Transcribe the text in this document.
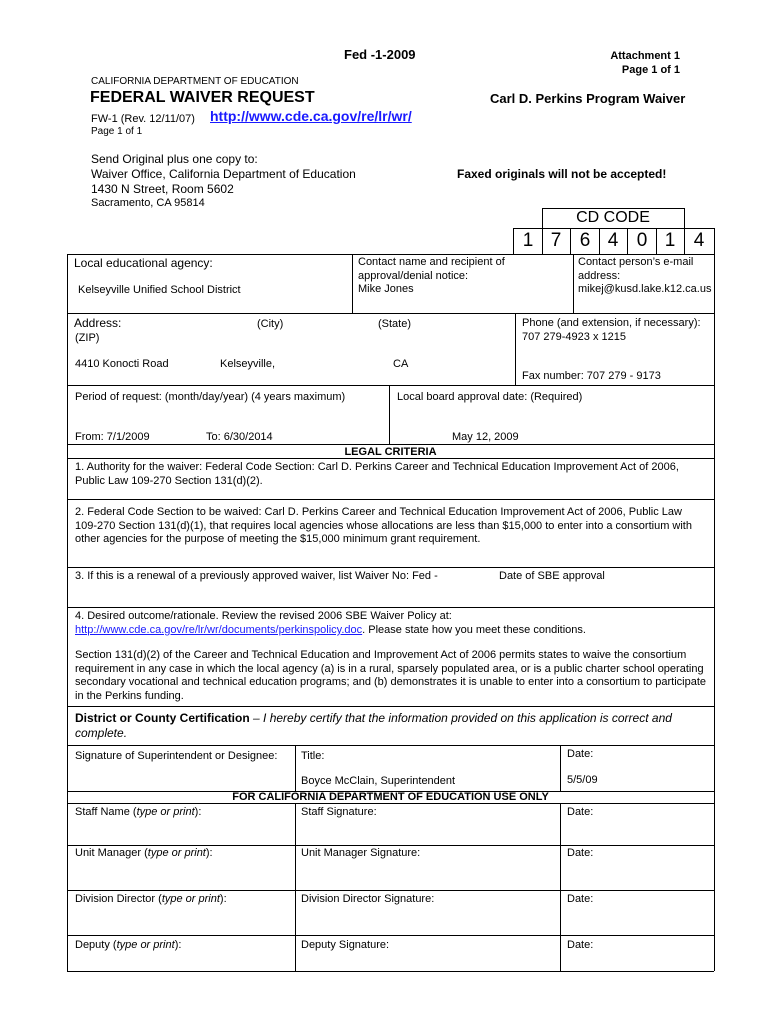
Fed -1-2009	Attachment 1
Page 1 of 1
CALIFORNIA DEPARTMENT OF EDUCATION
FEDERAL WAIVER REQUEST	Carl D. Perkins Program Waiver
FW-1 (Rev. 12/11/07) http://www.cde.ca.gov/re/lr/wr/
Page 1 of 1
Send Original plus one copy to:
Waiver Office, California Department of Education
1430 N Street, Room 5602
Sacramento, CA 95814
Faxed originals will not be accepted!
CD CODE
1 7 6 4 0 1 4
Local educational agency:
Kelseyville Unified School District
Contact name and recipient of approval/denial notice:
Mike Jones
Contact person’s e-mail address:
mikej@kusd.lake.k12.ca.us
Address:	(City)	(State)
(ZIP)
4410 Konocti Road	Kelseyville,	CA
Phone (and extension, if necessary):
707 279-4923 x 1215
Fax number: 707 279 - 9173
Period of request: (month/day/year) (4 years maximum)
From: 7/1/2009	To: 6/30/2014
Local board approval date: (Required)
May 12, 2009
LEGAL CRITERIA
1. Authority for the waiver: Federal Code Section: Carl D. Perkins Career and Technical Education Improvement Act of 2006, Public Law 109-270 Section 131(d)(2).
2. Federal Code Section to be waived: Carl D. Perkins Career and Technical Education Improvement Act of 2006, Public Law 109-270 Section 131(d)(1), that requires local agencies whose allocations are less than $15,000 to enter into a consortium with other agencies for the purpose of meeting the $15,000 minimum grant requirement.
3. If this is a renewal of a previously approved waiver, list Waiver No: Fed -	Date of SBE approval
4. Desired outcome/rationale. Review the revised 2006 SBE Waiver Policy at:
http://www.cde.ca.gov/re/lr/wr/documents/perkinspolicy.doc. Please state how you meet these conditions.
Section 131(d)(2) of the Career and Technical Education and Improvement Act of 2006 permits states to waive the consortium requirement in any case in which the local agency (a) is in a rural, sparsely populated area, or is a public charter school operating secondary vocational and technical education programs; and (b) demonstrates it is unable to enter into a consortium to participate in the Perkins funding.
District or County Certification – I hereby certify that the information provided on this application is correct and complete.
Signature of Superintendent or Designee: Title:
Boyce McClain, Superintendent
Date:
5/5/09
FOR CALIFORNIA DEPARTMENT OF EDUCATION USE ONLY
Staff Name (type or print):	Staff Signature:	Date:
Unit Manager (type or print):	Unit Manager Signature:	Date:
Division Director (type or print):	Division Director Signature:	Date:
Deputy (type or print):	Deputy Signature:	Date:
